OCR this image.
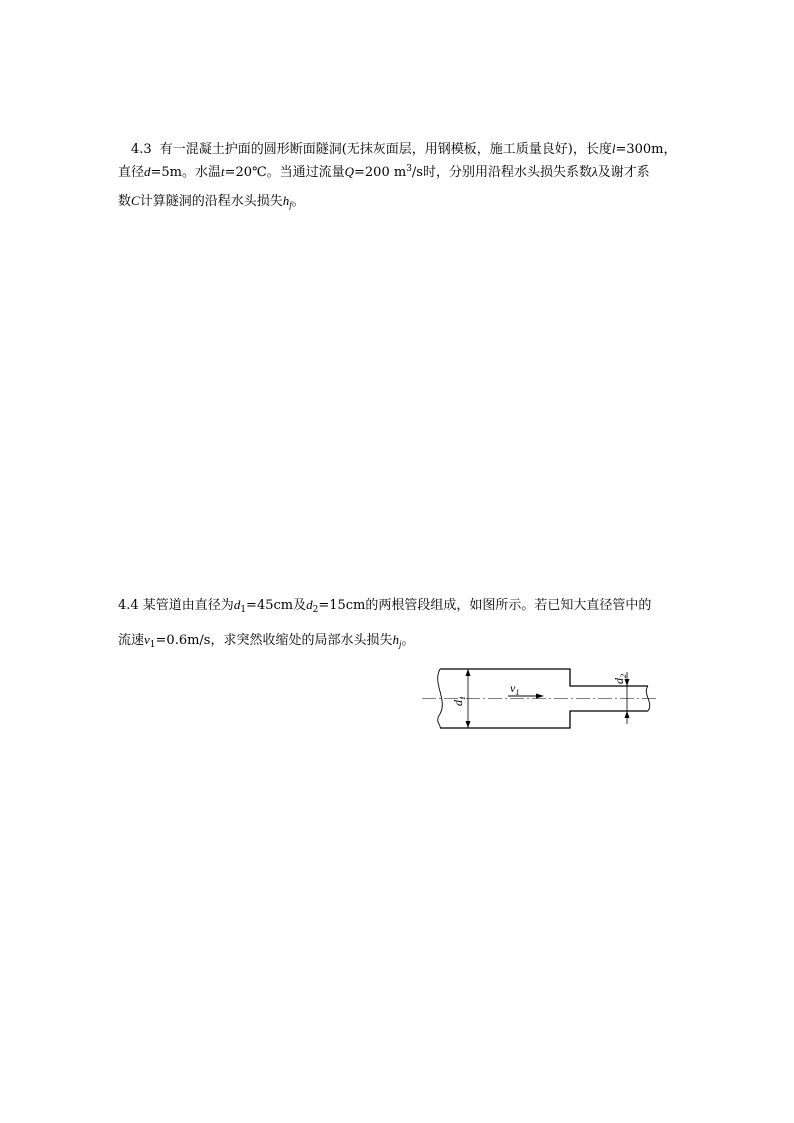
4.3 有一混凝土护面的圆形断面隧洞(无抹灰面层，用钢模板，施工质量良好)，长度l=300m，
直径d=5m。水温t=20℃。当通过流量Q=200 $m^3/s$时，分别用沿程水头损失系数λ及谢才系
数C计算隧洞的沿程水头损失$h_f$。
4.4 某管道由直径为$d_1=45cm$及$d_2=15cm$的两根管段组成，如图所示。若已知大直径管中的
流速$v_1=0.6m/s$，求突然收缩处的局部水头损失$h_j$。
$d_1$
$v_1$
$d_2$
